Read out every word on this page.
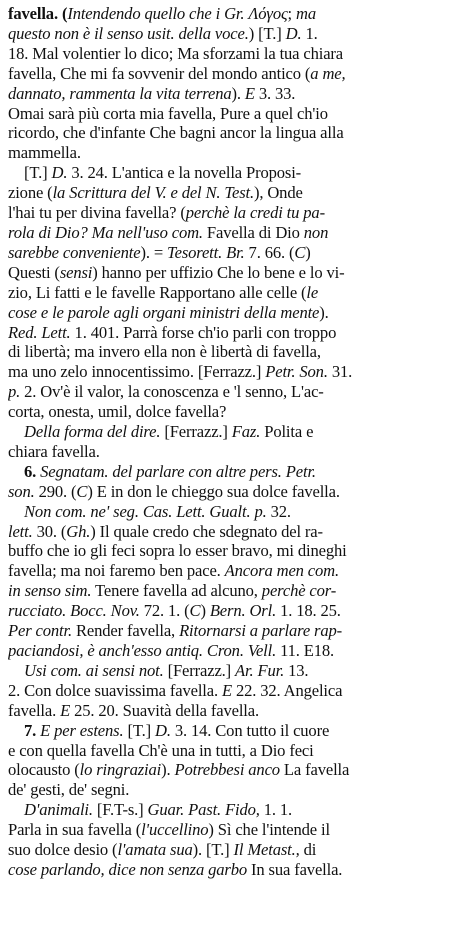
favella. (Intendendo quello che i Gr. Λόγος; ma
questo non è il senso usit. della voce.) [T.] D. 1.
18. Mal volentier lo dico; Ma sforzami la tua chiara
favella, Che mi fa sovvenir del mondo antico (a me,
dannato, rammenta la vita terrena). E 3. 33.
Omai sarà più corta mia favella, Pure a quel ch'io
ricordo, che d'infante Che bagni ancor la lingua alla
mammella.
[T.] D. 3. 24. L'antica e la novella Proposi-
zione (la Scrittura del V. e del N. Test.), Onde
l'hai tu per divina favella? (perchè la credi tu pa-
rola di Dio? Ma nell'uso com. Favella di Dio non
sarebbe conveniente). = Tesorett. Br. 7. 66. (C)
Questi (sensi) hanno per uffizio Che lo bene e lo vi-
zio, Li fatti e le favelle Rapportano alle celle (le
cose e le parole agli organi ministri della mente).
Red. Lett. 1. 401. Parrà forse ch'io parli con troppo
di libertà; ma invero ella non è libertà di favella,
ma uno zelo innocentissimo. [Ferrazz.] Petr. Son. 31.
p. 2. Ov'è il valor, la conoscenza e 'l senno, L'ac-
corta, onesta, umil, dolce favella?
Della forma del dire. [Ferrazz.] Faz. Polita e
chiara favella.
6. Segnatam. del parlare con altre pers. Petr.
son. 290. (C) E in don le chieggo sua dolce favella.
Non com. ne' seg. Cas. Lett. Gualt. p. 32.
lett. 30. (Gh.) Il quale credo che sdegnato del ra-
buffo che io gli feci sopra lo esser bravo, mi dineghi
favella; ma noi faremo ben pace. Ancora men com.
in senso sim. Tenere favella ad alcuno, perchè cor-
rucciato. Bocc. Nov. 72. 1. (C) Bern. Orl. 1. 18. 25.
Per contr. Render favella, Ritornarsi a parlare rap-
paciandosi, è anch'esso antiq. Cron. Vell. 11. E18.
Usi com. ai sensi not. [Ferrazz.] Ar. Fur. 13.
2. Con dolce suavissima favella. E 22. 32. Angelica
favella. E 25. 20. Suavità della favella.
7. E per estens. [T.] D. 3. 14. Con tutto il cuore
e con quella favella Ch'è una in tutti, a Dio feci
olocausto (lo ringraziai). Potrebbesi anco La favella
de' gesti, de' segni.
D'animali. [F.T-s.] Guar. Past. Fido, 1. 1.
Parla in sua favella (l'uccellino) Sì che l'intende il
suo dolce desio (l'amata sua). [T.] Il Metast., di
cose parlando, dice non senza garbo In sua favella.
